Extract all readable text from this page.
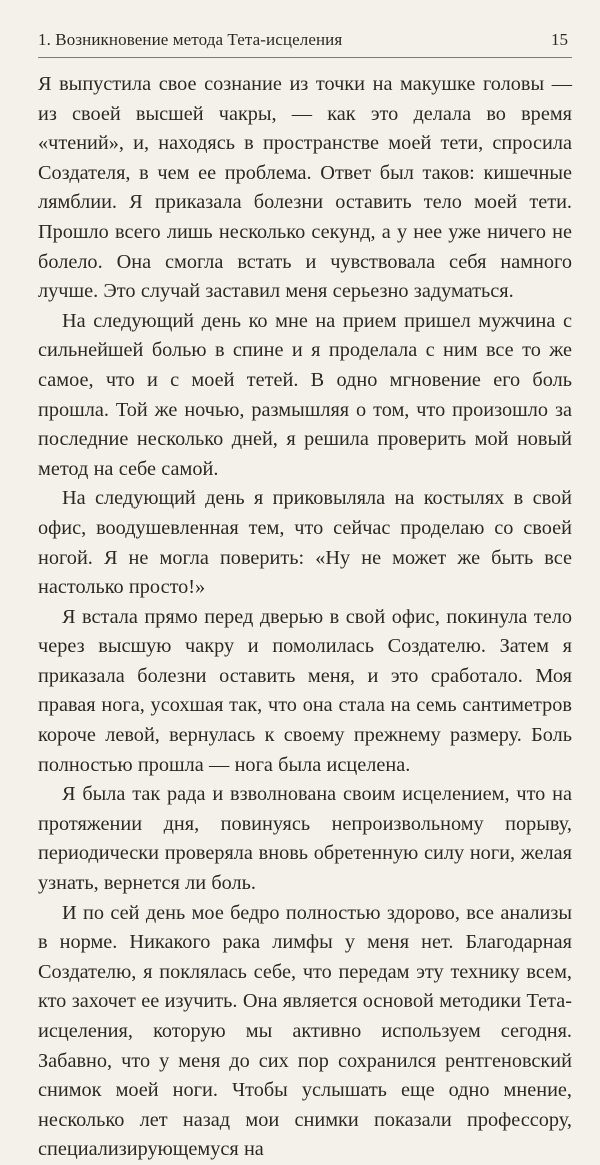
1. Возникновение метода Тета-исцеления	15

Я выпустила свое сознание из точки на макушке головы — из своей высшей чакры, — как это делала во время «чтений», и, находясь в пространстве моей тети, спросила Создателя, в чем ее проблема. Ответ был таков: кишечные лямблии. Я приказала болезни оставить тело моей тети. Прошло всего лишь несколько секунд, а у нее уже ничего не болело. Она смогла встать и чувствовала себя намного лучше. Это случай заставил меня серьезно задуматься.

На следующий день ко мне на прием пришел мужчина с сильнейшей болью в спине и я проделала с ним все то же самое, что и с моей тетей. В одно мгновение его боль прошла. Той же ночью, размышляя о том, что произошло за последние несколько дней, я решила проверить мой новый метод на себе самой.

На следующий день я приковыляла на костылях в свой офис, воодушевленная тем, что сейчас проделаю со своей ногой. Я не могла поверить: «Ну не может же быть все настолько просто!»

Я встала прямо перед дверью в свой офис, покинула тело через высшую чакру и помолилась Создателю. Затем я приказала болезни оставить меня, и это сработало. Моя правая нога, усохшая так, что она стала на семь сантиметров короче левой, вернулась к своему прежнему размеру. Боль полностью прошла — нога была исцелена.

Я была так рада и взволнована своим исцелением, что на протяжении дня, повинуясь непроизвольному порыву, периодически проверяла вновь обретенную силу ноги, желая узнать, вернется ли боль.

И по сей день мое бедро полностью здорово, все анализы в норме. Никакого рака лимфы у меня нет. Благодарная Создателю, я поклялась себе, что передам эту технику всем, кто захочет ее изучить. Она является основой методики Тета-исцеления, которую мы активно используем сегодня. Забавно, что у меня до сих пор сохранился рентгеновский снимок моей ноги. Чтобы услышать еще одно мнение, несколько лет назад мои снимки показали профессору, специализирующемуся на
